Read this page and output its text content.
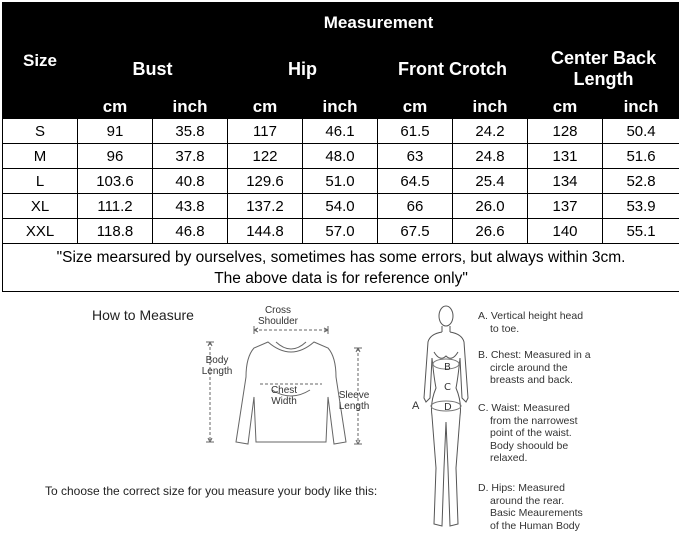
Size	Measurement							
	Bust		Hip		Front Crotch		Center Back Length	
	cm	inch	cm	inch	cm	inch	cm	inch
S	91	35.8	117	46.1	61.5	24.2	128	50.4
M	96	37.8	122	48.0	63	24.8	131	51.6
L	103.6	40.8	129.6	51.0	64.5	25.4	134	52.8
XL	111.2	43.8	137.2	54.0	66	26.0	137	53.9
XXL	118.8	46.8	144.8	57.0	67.5	26.6	140	55.1

"Size mearsured by ourselves, sometimes has some errors, but always within 3cm.
The above data is for reference only"								
How to Measure	Cross
Shoulder
Body
Length
Chest
Width
Sleeve
Length
To choose the correct size for you measure your body like this:
B
C
D
A
A. Vertical height head
to toe.
B. Chest: Measured in a
circle around the
breasts and back.
C. Waist: Measured
from the narrowest
point of the waist.
Body shoould be
relaxed.
D. Hips: Measured
around the rear.
Basic Meaurements
of the Human Body
